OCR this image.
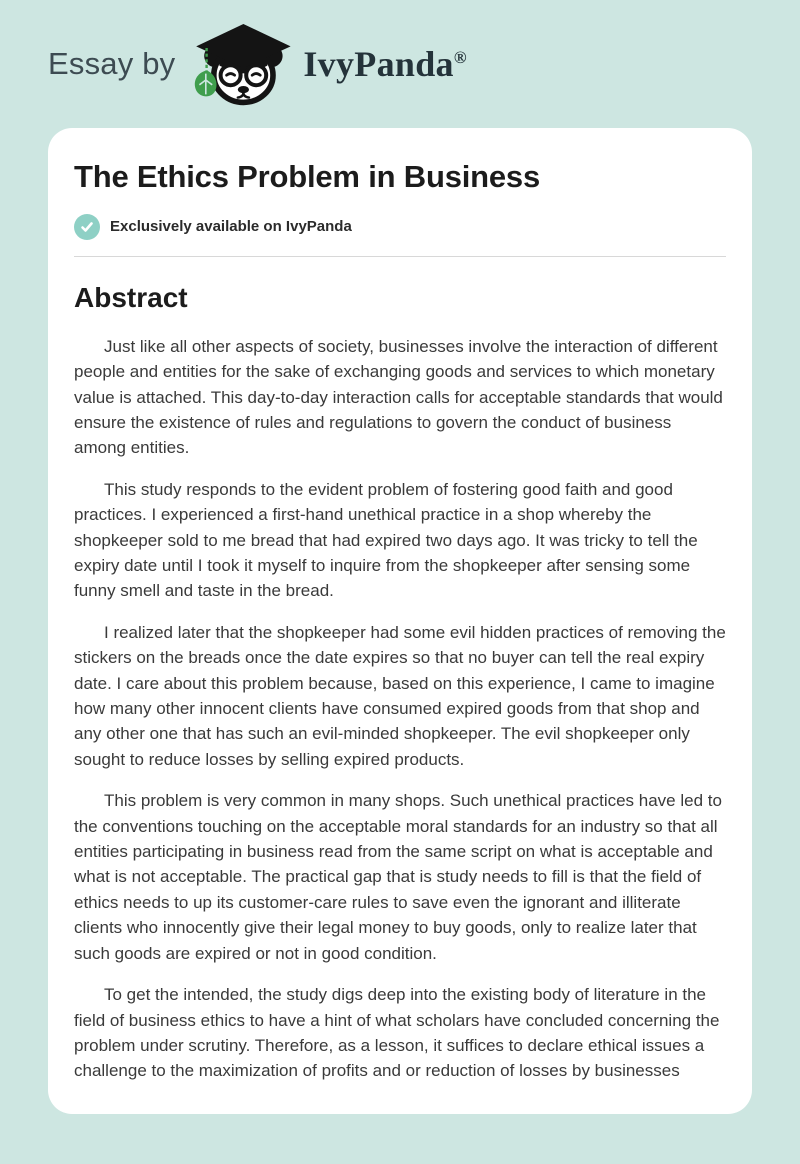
Essay by	IvyPanda®
The Ethics Problem in Business
Exclusively available on IvyPanda
Abstract

Just like all other aspects of society, businesses involve the interaction of different people and entities for the sake of exchanging goods and services to which monetary value is attached. This day-to-day interaction calls for acceptable standards that would ensure the existence of rules and regulations to govern the conduct of business among entities.

This study responds to the evident problem of fostering good faith and good practices. I experienced a first-hand unethical practice in a shop whereby the shopkeeper sold to me bread that had expired two days ago. It was tricky to tell the expiry date until I took it myself to inquire from the shopkeeper after sensing some funny smell and taste in the bread.

I realized later that the shopkeeper had some evil hidden practices of removing the stickers on the breads once the date expires so that no buyer can tell the real expiry date. I care about this problem because, based on this experience, I came to imagine how many other innocent clients have consumed expired goods from that shop and any other one that has such an evil-minded shopkeeper. The evil shopkeeper only sought to reduce losses by selling expired products.

This problem is very common in many shops. Such unethical practices have led to the conventions touching on the acceptable moral standards for an industry so that all entities participating in business read from the same script on what is acceptable and what is not acceptable. The practical gap that is study needs to fill is that the field of ethics needs to up its customer-care rules to save even the ignorant and illiterate clients who innocently give their legal money to buy goods, only to realize later that such goods are expired or not in good condition.

To get the intended, the study digs deep into the existing body of literature in the field of business ethics to have a hint of what scholars have concluded concerning the problem under scrutiny. Therefore, as a lesson, it suffices to declare ethical issues a challenge to the maximization of profits and or reduction of losses by businesses
